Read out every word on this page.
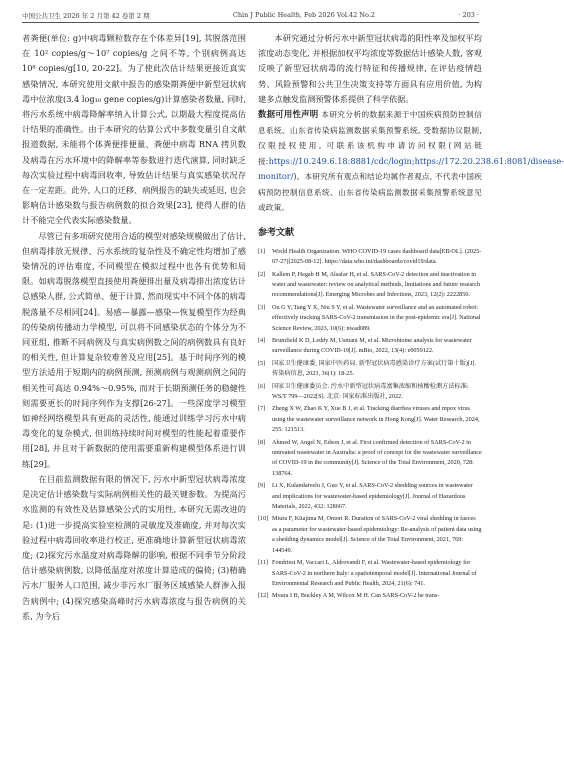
中国公共卫生 2026 年 2 月第 42 卷第 2 期	Chin J Public Health, Feb 2026 Vol.42 No.2	· 203 ·

者粪便(单位: g)中病毒颗粒数存在个体差异[19], 其脱落范围在 10² copies/g～10⁷ copies/g 之间不等, 个别病例高达 10⁸ copies/g[10, 20-22]。为了使此次估计结果更接近真实感染情况, 本研究使用文献中报告的感染期粪便中新型冠状病毒中位浓度(3.4 log₁₀ gene copies/g)计算感染者数量, 同时, 将污水系统中病毒降解率纳入计算公式, 以期最大程度提高估计结果的准确性。由于本研究的估算公式中多数变量引自文献报道数据, 未能将个体粪便排便量、粪便中病毒 RNA 拷贝数及病毒在污水环境中的降解率等参数进行迭代演算, 同时缺乏每次实验过程中病毒回收率, 导致估计结果与真实感染状况存在一定差距。此外, 人口的迁移、病例报告的缺失或延迟, 也会影响估计感染数与报告病例数的拟合效果[23], 使得人群的估计不能完全代表实际感染数量。

尽管已有多项研究使用合适的模型对感染规模做出了估计, 但病毒排放无规律、污水系统的复杂性及不确定性均增加了感染情况的评估难度, 不同模型在模拟过程中也各有优势和局限。如病毒脱落模型直接使用粪便排出量及病毒排出浓度估计总感染人群, 公式简单、便于计算, 然而现实中不同个体的病毒脱落量不尽相同[24]。易感—暴露—感染—恢复模型作为经典的传染病传播动力学模型, 可以将不同感染状态的个体分为不同亚组, 推断不同病例及与真实病例数之间的病例数具有良好的相关性, 但计算复杂较难普及应用[25]。基于时间序列的模型方法适用于短期内的病例预测, 预测病例与观测病例之间的相关性可高达 0.94%～0.95%, 而对于长期预测任务的稳健性则需要更长的时间序列作为支撑[26-27]。一些深度学习模型如神经网络模型具有更高的灵活性, 能通过训练学习污水中病毒变化的复杂模式, 但训练持续时间对模型的性能起着重要作用[28], 并且对于新数据的使用需要重新构建模型体系进行训练[29]。

在目前监测数据有限的情况下, 污水中新型冠状病毒浓度是决定估计感染数与实际病例相关性的最关键参数。为提高污水监测的有效性及估算感染公式的实用性, 本研究无需改进的是: (1)进一步提高实验室检测的灵敏度及准确度, 并对每次实验过程中病毒回收率进行校正, 更准确地计算新型冠状病毒浓度; (2)探究污水温度对病毒降解的影响, 根据不同季节分阶段估计感染病例数, 以降低温度对浓度计算造成的偏倚; (3)精确污水厂服务人口范围, 减少非污水厂服务区域感染人群渗入报告病例中; (4)探究感染高峰时污水病毒浓度与报告病例的关系, 为今后

本研究通过分析污水中新型冠状病毒的阳性率及加权平均浓度动态变化, 并根据加权平均浓度等数据估计感染人数, 客观反映了新型冠状病毒的流行特征和传播规律, 在评估疫情趋势、风险预警和公共卫生决策支持等方面具有应用价值, 为构建多点触发监测预警体系提供了科学依据。

数据可用性声明 本研究分析的数据来源于中国疾病预防控制信息系统、山东省传染病监测数据采集预警系统, 受数据协议限制, 仅限授权使用, 可联系该机构申请访问权限(网站链接:https://10.249.6.18:8881/cdc/login;https://172.20.238.61:8081/disease-monitor/)。本研究所有观点和结论均属作者观点, 不代表中国疾病预防控制信息系统、山东省传染病监测数据采集预警系统意见或政策。

参考文献
[1]	World Health Organization. WHO COVID-19 cases dashboard data[EB/OL]. (2025-07-27)[2025-08-12]. https://data.who.int/dashboards/covid19/data.
[2]	Kallem P, Hegab H M, Alsafar H, et al. SARS-CoV-2 detection and inactivation in water and wastewater: review on analytical methods, limitations and future research recommendations[J]. Emerging Microbes and Infections, 2023, 12(2): 2222850.
[3]	Ou G Y, Tang Y X, Niu S Y, et al. Wastewater surveillance and an automated robot: effectively tracking SARS-CoV-2 transmission in the post-epidemic era[J]. National Science Review, 2023, 10(6): nwad089.
[4]	Brumfield K D, Leddy M, Usmani M, et al. Microbiome analysis for wastewater surveillance during COVID-19[J]. mBio, 2022, 13(4): e0059122.
[5]	国家卫生健康委, 国家中医药局. 新型冠状病毒感染诊疗方案(试行第十版)[J]. 传染病信息, 2023, 36(1): 18-25.
[6]	国家卫生健康委员会. 污水中新型冠状病毒富集浓缩和核酸检测方法标准: WS/T 799—2022[S]. 北京: 国家标准出版社, 2022.
[7]	Zheng X W, Zhao K Y, Xue B J, et al. Tracking diarrhea viruses and mpox virus using the wastewater surveillance network in Hong Kong[J]. Water Research, 2024, 255: 121513.
[8]	Ahmed W, Angel N, Edson J, et al. First confirmed detection of SARS-CoV-2 in untreated wastewater in Australia: a proof of concept for the wastewater surveillance of COVID-19 in the community[J]. Science of the Total Environment, 2020, 728: 138764.
[9]	Li X, Kulandaivelu J, Guo Y, et al. SARS-CoV-2 shedding sources in wastewater and implications for wastewater-based epidemiology[J]. Journal of Hazardous Materials, 2022, 432: 128667.
[10] Miura F, Kitajima M, Omori R. Duration of SARS-CoV-2 viral shedding in faeces as a parameter for wastewater-based epidemiology: Re-analysis of patient data using a shedding dynamics model[J]. Science of the Total Environment, 2021, 769: 144549.
[11] Fondriest M, Vaccari L, Aldrovandi F, et al. Wastewater-based epidemiology for SARS-CoV-2 in northern Italy: a spatiotemporal model[J]. International Journal of Environmental Research and Public Health, 2024, 21(6): 741.
[12] Moura I B, Buckley A M, Wilcox M H. Can SARS-CoV-2 be trans-
